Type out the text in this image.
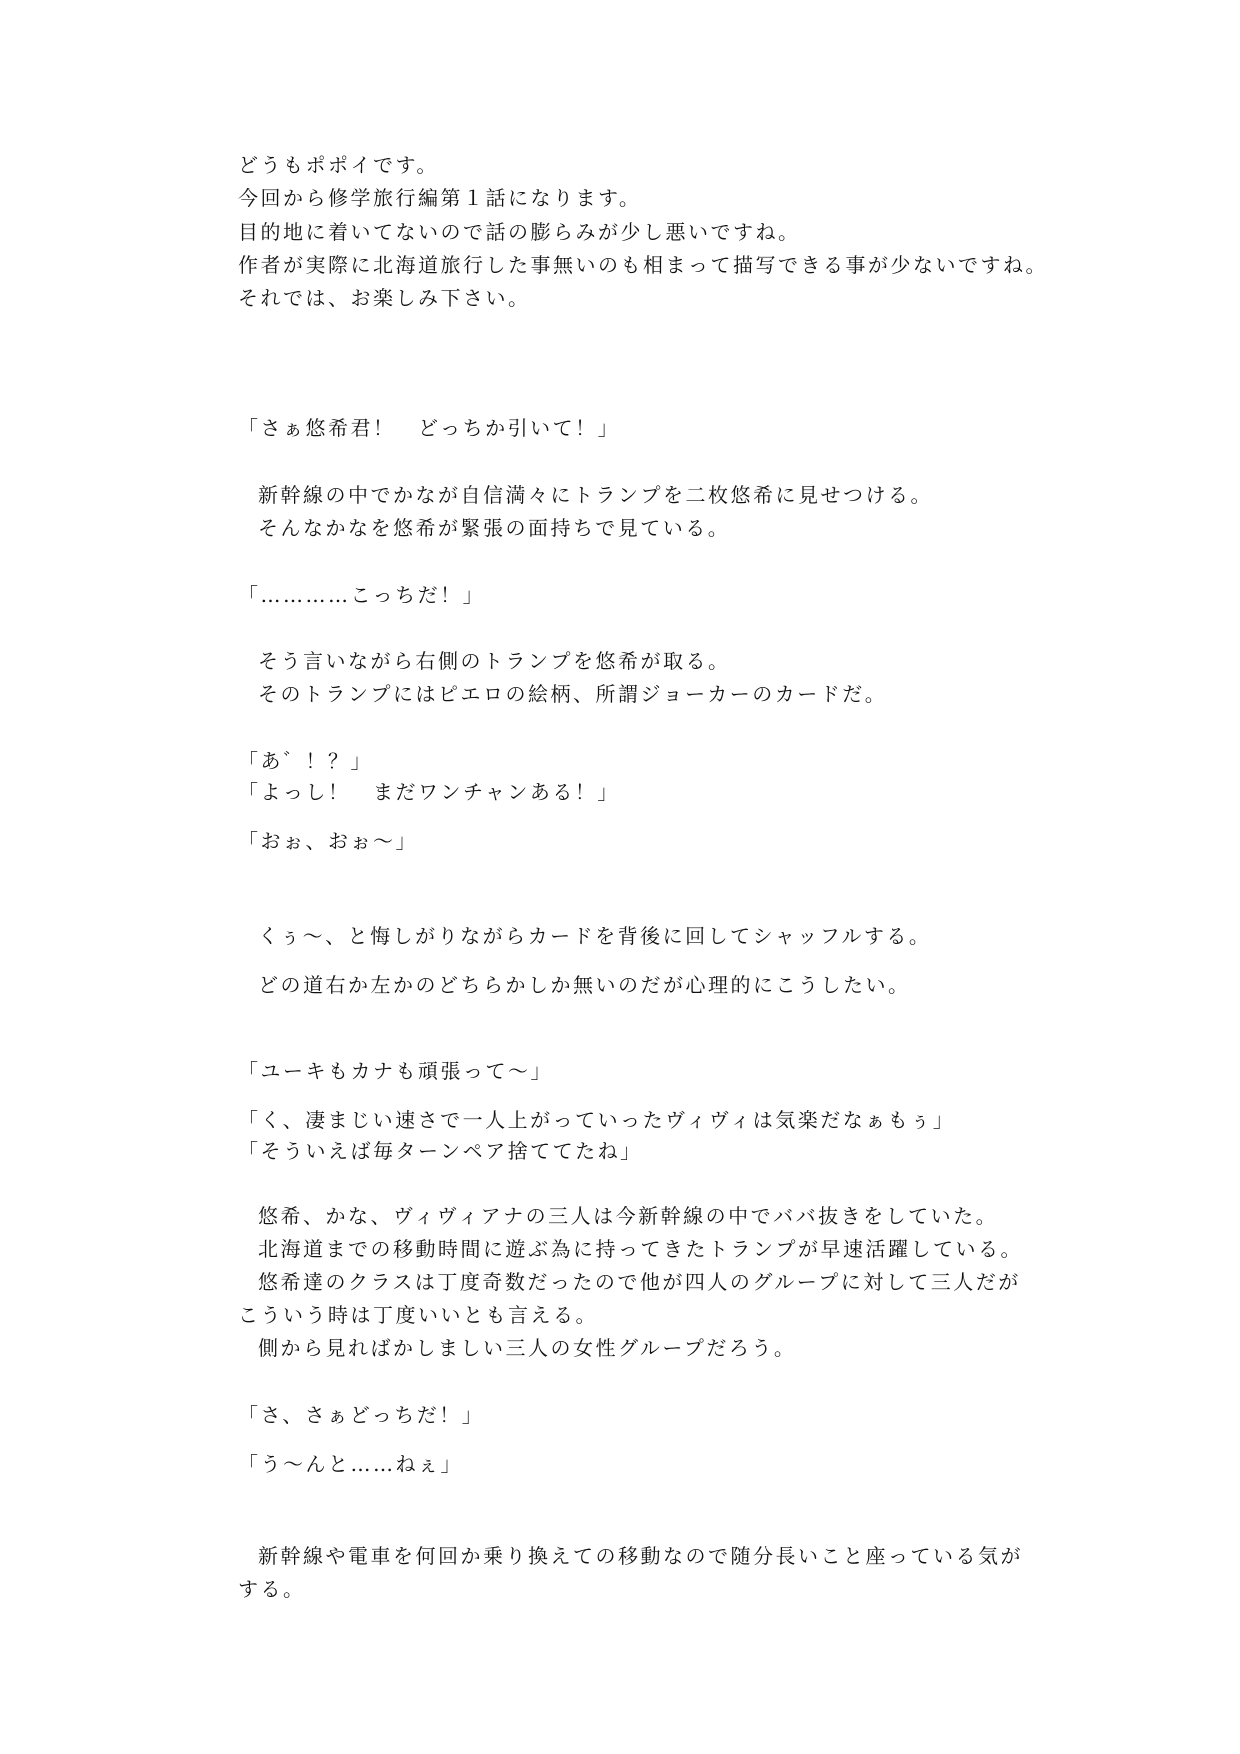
どうもポポイです。
今回から修学旅行編第１話になります。
目的地に着いてないので話の膨らみが少し悪いですね。
作者が実際に北海道旅行した事無いのも相まって描写できる事が少ないですね。
それでは、お楽しみ下さい。
「さぁ悠希君！　どっちか引いて！」
新幹線の中でかなが自信満々にトランプを二枚悠希に見せつける。
そんなかなを悠希が緊張の面持ちで見ている。
「…………こっちだ！」
そう言いながら右側のトランプを悠希が取る。
そのトランプにはピエロの絵柄、所謂ジョーカーのカードだ。
「あ゛！？」
「よっし！　まだワンチャンある！」
「おぉ、おぉ〜」
くぅ〜、と悔しがりながらカードを背後に回してシャッフルする。
どの道右か左かのどちらかしか無いのだが心理的にこうしたい。
「ユーキもカナも頑張って〜」
「く、凄まじい速さで一人上がっていったヴィヴィは気楽だなぁもぅ」
「そういえば毎ターンペア捨ててたね」
悠希、かな、ヴィヴィアナの三人は今新幹線の中でババ抜きをしていた。
北海道までの移動時間に遊ぶ為に持ってきたトランプが早速活躍している。
悠希達のクラスは丁度奇数だったので他が四人のグループに対して三人だが
こういう時は丁度いいとも言える。
側から見ればかしましい三人の女性グループだろう。
「さ、さぁどっちだ！」
「う〜んと……ねぇ」
新幹線や電車を何回か乗り換えての移動なので随分長いこと座っている気が
する。
